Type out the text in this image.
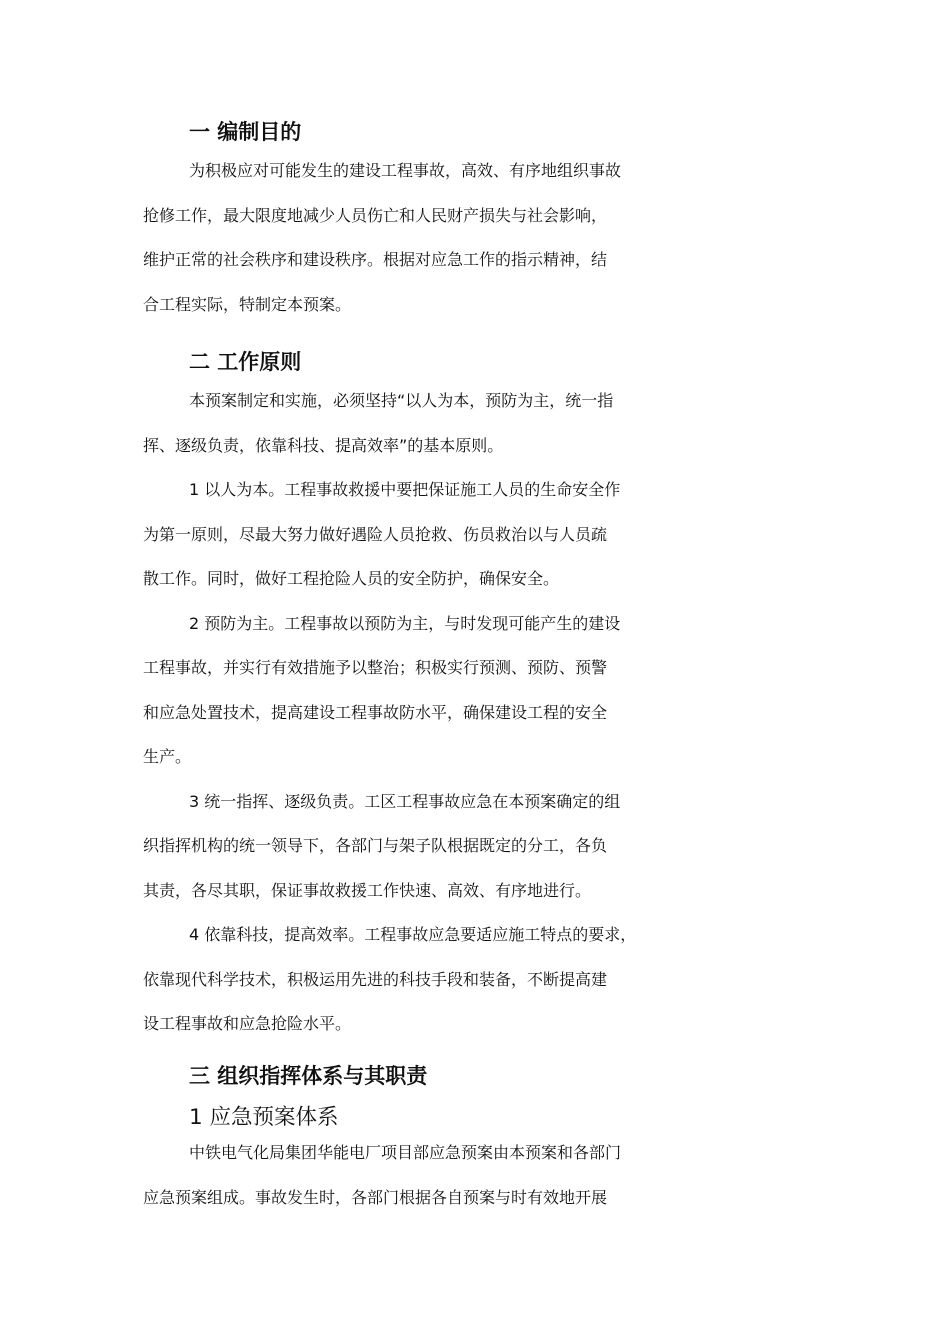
一 编制目的
为积极应对可能发生的建设工程事故，高效、有序地组织事故
抢修工作，最大限度地减少人员伤亡和人民财产损失与社会影响，
维护正常的社会秩序和建设秩序。根据对应急工作的指示精神，结
合工程实际，特制定本预案。
二 工作原则
本预案制定和实施，必须坚持“以人为本，预防为主，统一指
挥、逐级负责，依靠科技、提高效率”的基本原则。
1 以人为本。工程事故救援中要把保证施工人员的生命安全作
为第一原则，尽最大努力做好遇险人员抢救、伤员救治以与人员疏
散工作。同时，做好工程抢险人员的安全防护，确保安全。
2 预防为主。工程事故以预防为主，与时发现可能产生的建设
工程事故，并实行有效措施予以整治；积极实行预测、预防、预警
和应急处置技术，提高建设工程事故防水平，确保建设工程的安全
生产。
3 统一指挥、逐级负责。工区工程事故应急在本预案确定的组
织指挥机构的统一领导下，各部门与架子队根据既定的分工，各负
其责，各尽其职，保证事故救援工作快速、高效、有序地进行。
4 依靠科技，提高效率。工程事故应急要适应施工特点的要求，
依靠现代科学技术，积极运用先进的科技手段和装备，不断提高建
设工程事故和应急抢险水平。
三 组织指挥体系与其职责
1 应急预案体系
中铁电气化局集团华能电厂项目部应急预案由本预案和各部门
应急预案组成。事故发生时，各部门根据各自预案与时有效地开展
